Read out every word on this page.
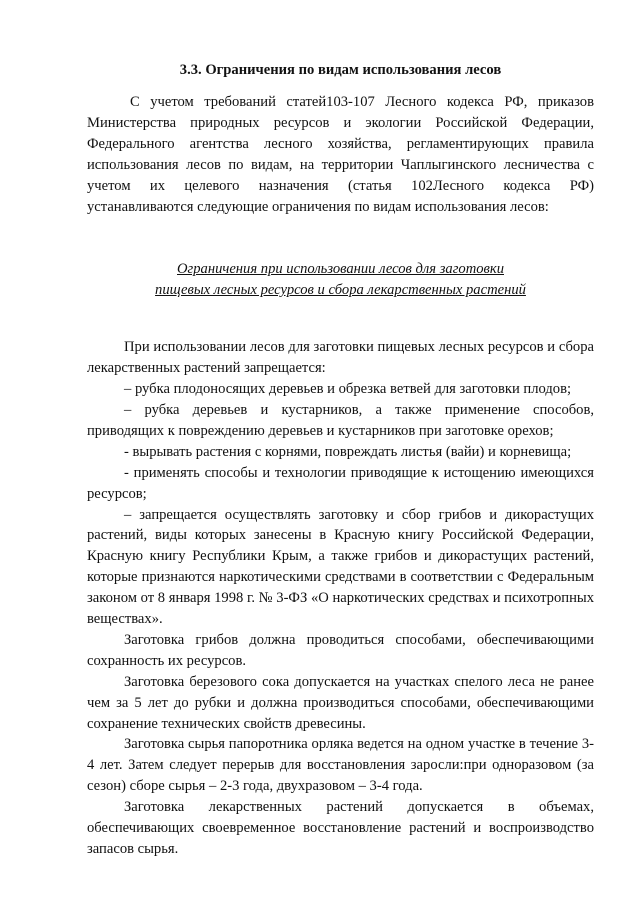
3.3. Ограничения по видам использования лесов

С учетом требований статей103-107 Лесного кодекса РФ, приказов Министерства природных ресурсов и экологии Российской Федерации, Федерального агентства лесного хозяйства, регламентирующих правила использования лесов по видам, на территории Чаплыгинского лесничества с учетом их целевого назначения (статья 102Лесного кодекса РФ) устанавливаются следующие ограничения по видам использования лесов:

Ограничения при использовании лесов для заготовки
пищевых лесных ресурсов и сбора лекарственных растений

При использовании лесов для заготовки пищевых лесных ресурсов и сбора лекарственных растений запрещается:

– рубка плодоносящих деревьев и обрезка ветвей для заготовки плодов;

– рубка деревьев и кустарников, а также применение способов, приводящих к повреждению деревьев и кустарников при заготовке орехов;

- вырывать растения с корнями, повреждать листья (вайи) и корневища;

- применять способы и технологии приводящие к истощению имеющихся ресурсов;

– запрещается осуществлять заготовку и сбор грибов и дикорастущих растений, виды которых занесены в Красную книгу Российской Федерации, Красную книгу Республики Крым, а также грибов и дикорастущих растений, которые признаются наркотическими средствами в соответствии с Федеральным законом от 8 января 1998 г. № 3-ФЗ «О наркотических средствах и психотропных веществах».

Заготовка грибов должна проводиться способами, обеспечивающими сохранность их ресурсов.

Заготовка березового сока допускается на участках спелого леса не ранее чем за 5 лет до рубки и должна производиться способами, обеспечивающими сохранение технических свойств древесины.

Заготовка сырья папоротника орляка ведется на одном участке в течение 3-4 лет. Затем следует перерыв для восстановления заросли:при одноразовом (за сезон) сборе сырья – 2-3 года, двухразовом – 3-4 года.

Заготовка лекарственных растений допускается в объемах, обеспечивающих своевременное восстановление растений и воспроизводство запасов сырья.
